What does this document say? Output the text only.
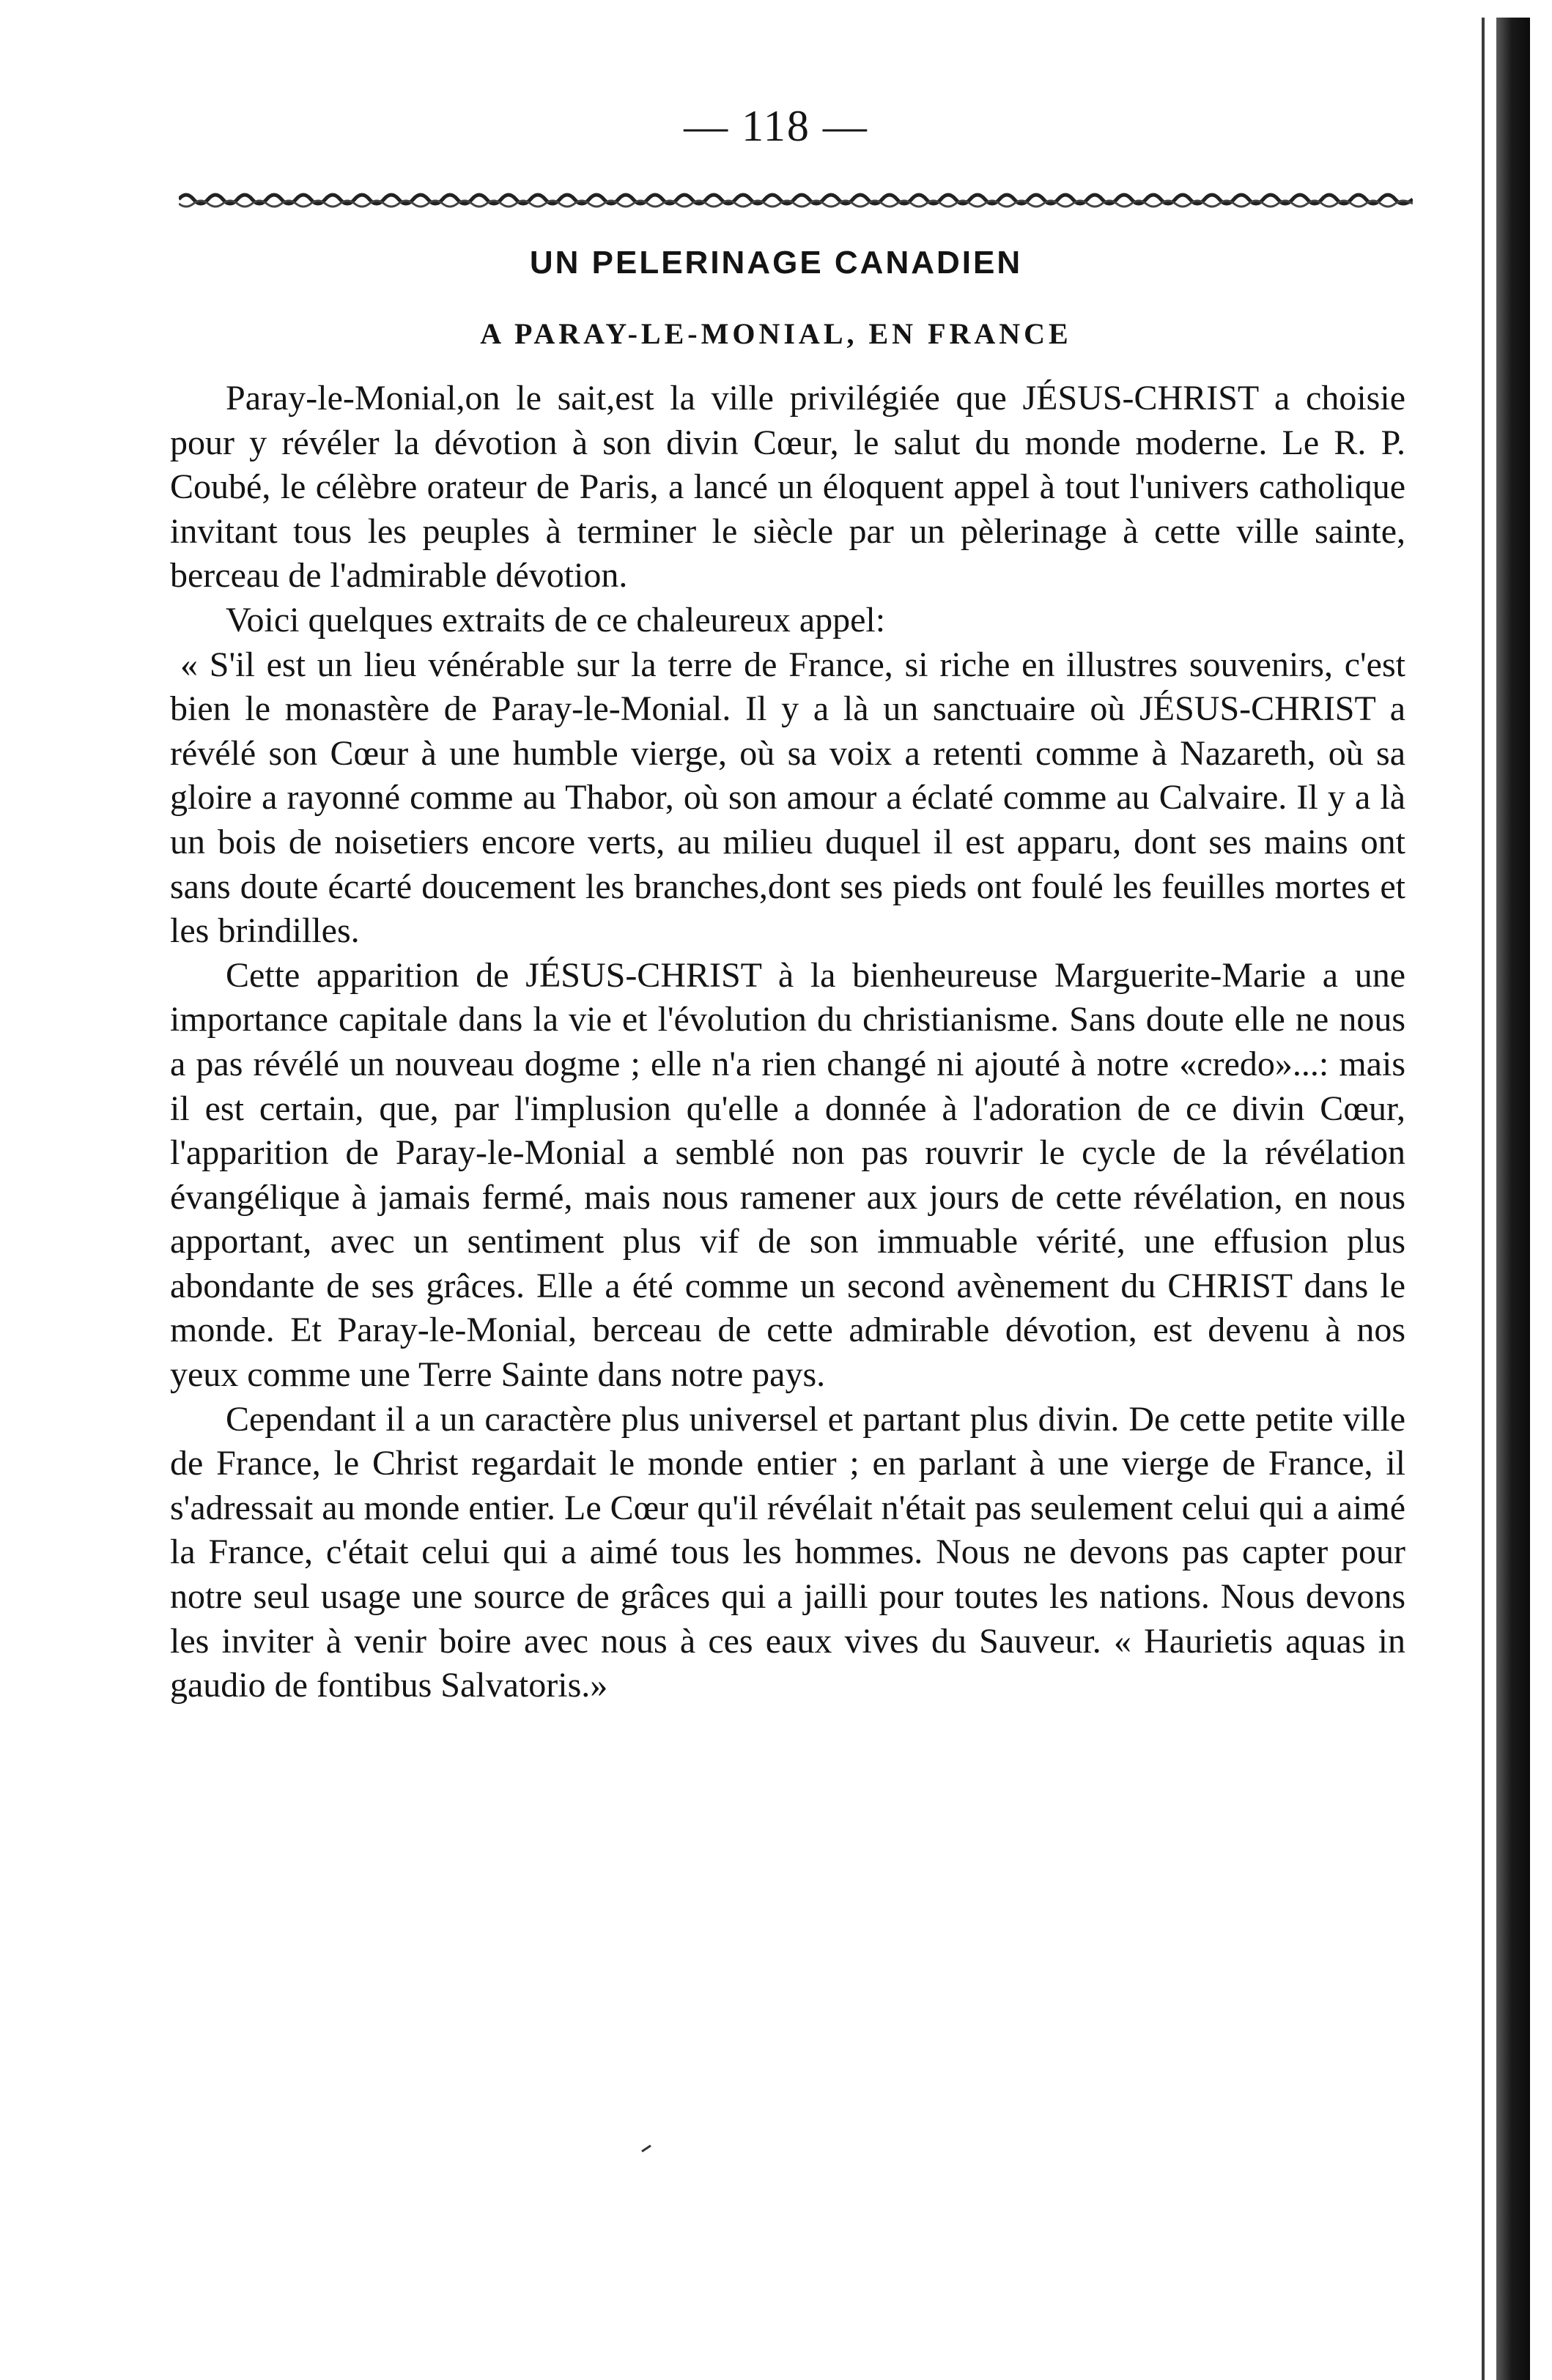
— 118 —
UN PELERINAGE CANADIEN
A PARAY-LE-MONIAL, EN FRANCE

Paray-le-Monial,on le sait,est la ville privilégiée que JÉSUS-CHRIST a choisie pour y révéler la dévotion à son divin Cœur, le salut du monde moderne. Le R. P. Coubé, le célèbre orateur de Paris, a lancé un éloquent appel à tout l'univers catholique invitant tous les peuples à terminer le siècle par un pèlerinage à cette ville sainte, berceau de l'admirable dévotion.

Voici quelques extraits de ce chaleureux appel:

« S'il est un lieu vénérable sur la terre de France, si riche en illustres souvenirs, c'est bien le monastère de Paray-le-Monial. Il y a là un sanctuaire où JÉSUS-CHRIST a révélé son Cœur à une humble vierge, où sa voix a retenti comme à Nazareth, où sa gloire a rayonné comme au Thabor, où son amour a éclaté comme au Calvaire. Il y a là un bois de noisetiers encore verts, au milieu duquel il est apparu, dont ses mains ont sans doute écarté doucement les branches,dont ses pieds ont foulé les feuilles mortes et les brindilles.

Cette apparition de JÉSUS-CHRIST à la bienheureuse Marguerite-Marie a une importance capitale dans la vie et l'évolution du christianisme. Sans doute elle ne nous a pas révélé un nouveau dogme ; elle n'a rien changé ni ajouté à notre «credo»...: mais il est certain, que, par l'implusion qu'elle a donnée à l'adoration de ce divin Cœur, l'apparition de Paray-le-Monial a semblé non pas rouvrir le cycle de la révélation évangélique à jamais fermé, mais nous ramener aux jours de cette révélation, en nous apportant, avec un sentiment plus vif de son immuable vérité, une effusion plus abondante de ses grâces. Elle a été comme un second avènement du CHRIST dans le monde. Et Paray-le-Monial, berceau de cette admirable dévotion, est devenu à nos yeux comme une Terre Sainte dans notre pays.

Cependant il a un caractère plus universel et partant plus divin. De cette petite ville de France, le Christ regardait le monde entier ; en parlant à une vierge de France, il s'adressait au monde entier. Le Cœur qu'il révélait n'était pas seulement celui qui a aimé la France, c'était celui qui a aimé tous les hommes. Nous ne devons pas capter pour notre seul usage une source de grâces qui a jailli pour toutes les nations. Nous devons les inviter à venir boire avec nous à ces eaux vives du Sauveur. « Haurietis aquas in gaudio de fontibus Salvatoris.»
